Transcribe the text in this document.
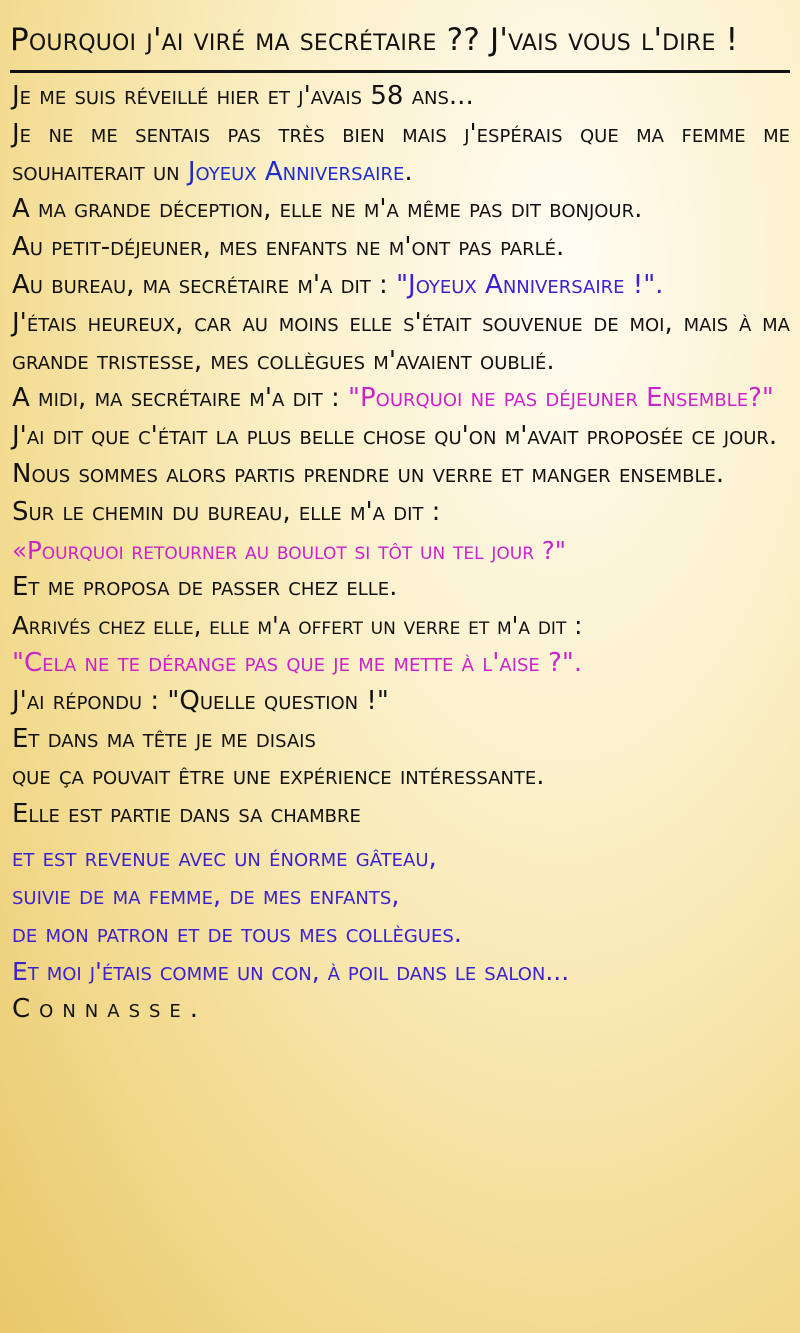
Pourquoi j'ai viré ma secrétaire ?? J'vais vous l'dire !

Je me suis réveillé hier et j'avais 58 ans...

Je ne me sentais pas très bien mais j'espérais que ma femme me souhaiterait un Joyeux Anniversaire.

A ma grande déception, elle ne m'a même pas dit bonjour.

Au petit-déjeuner, mes enfants ne m'ont pas parlé.

Au bureau, ma secrétaire m'a dit : "Joyeux Anniversaire !".

J'étais heureux, car au moins elle s'était souvenue de moi, mais à ma grande tristesse, mes collègues m'avaient oublié.

A midi, ma secrétaire m'a dit : "Pourquoi ne pas déjeuner Ensemble?"

J'ai dit que c'était la plus belle chose qu'on m'avait proposée ce jour.

Nous sommes alors partis prendre un verre et manger ensemble.

Sur le chemin du bureau, elle m'a dit :

«Pourquoi retourner au boulot si tôt un tel jour ?"

Et me proposa de passer chez elle.

Arrivés chez elle, elle m'a offert un verre et m'a dit :

"Cela ne te dérange pas que je me mette à l'aise ?".

J'ai répondu : "Quelle question !"

Et dans ma tête je me disais

que ça pouvait être une expérience intéressante.

Elle est partie dans sa chambre

et est revenue avec un énorme gâteau,

suivie de ma femme, de mes enfants,

de mon patron et de tous mes collègues.

Et moi j'étais comme un con, à poil dans le salon...

Connasse.
